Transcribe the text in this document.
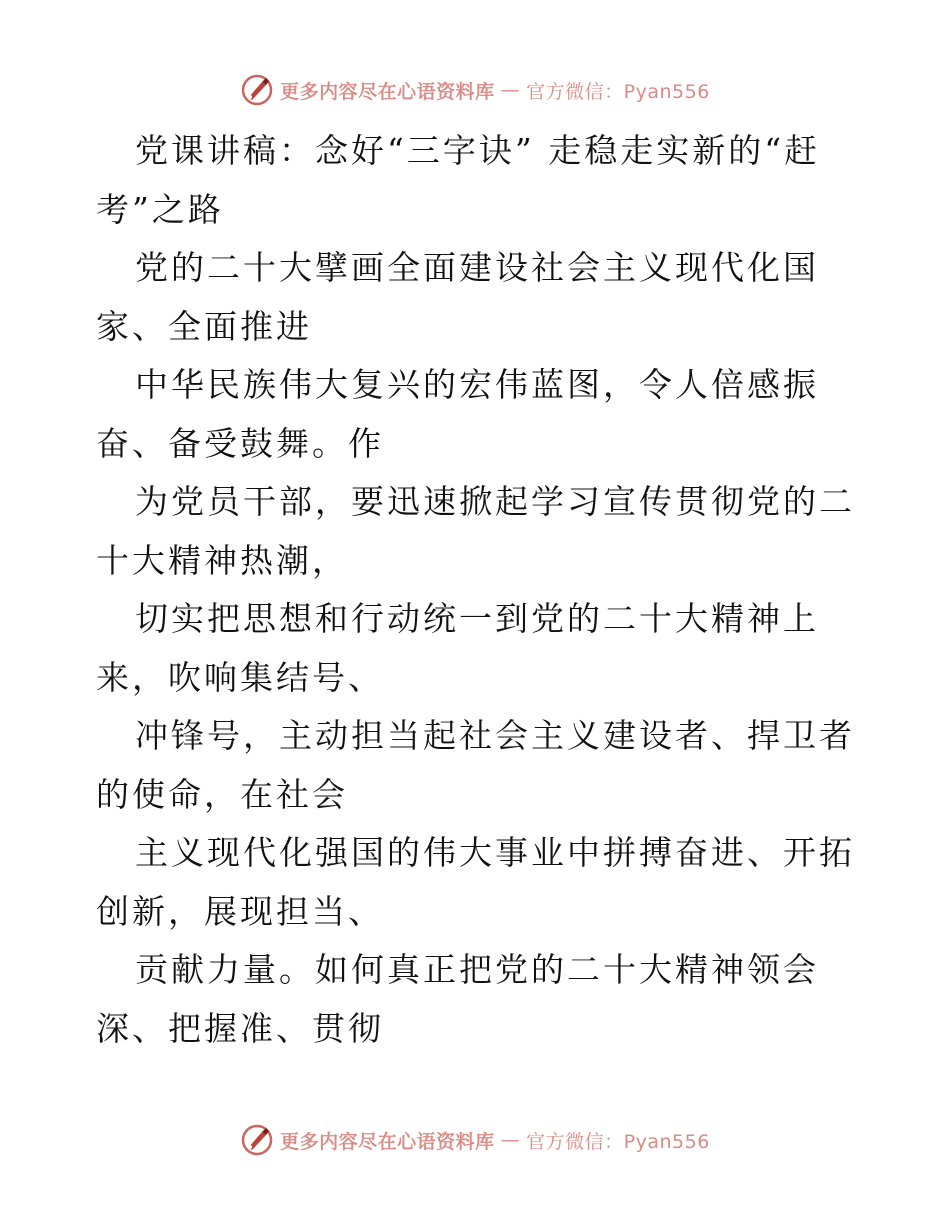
更多内容尽在心语资料库 — 官方微信：Pyan556

党课讲稿：念好“三字诀” 走稳走实新的“赶考”之路

党的二十大擘画全面建设社会主义现代化国家、全面推进

中华民族伟大复兴的宏伟蓝图，令人倍感振奋、备受鼓舞。作

为党员干部，要迅速掀起学习宣传贯彻党的二十大精神热潮，

切实把思想和行动统一到党的二十大精神上来，吹响集结号、

冲锋号，主动担当起社会主义建设者、捍卫者的使命，在社会

主义现代化强国的伟大事业中拼搏奋进、开拓创新，展现担当、

贡献力量。如何真正把党的二十大精神领会深、把握准、贯彻

更多内容尽在心语资料库 — 官方微信：Pyan556
